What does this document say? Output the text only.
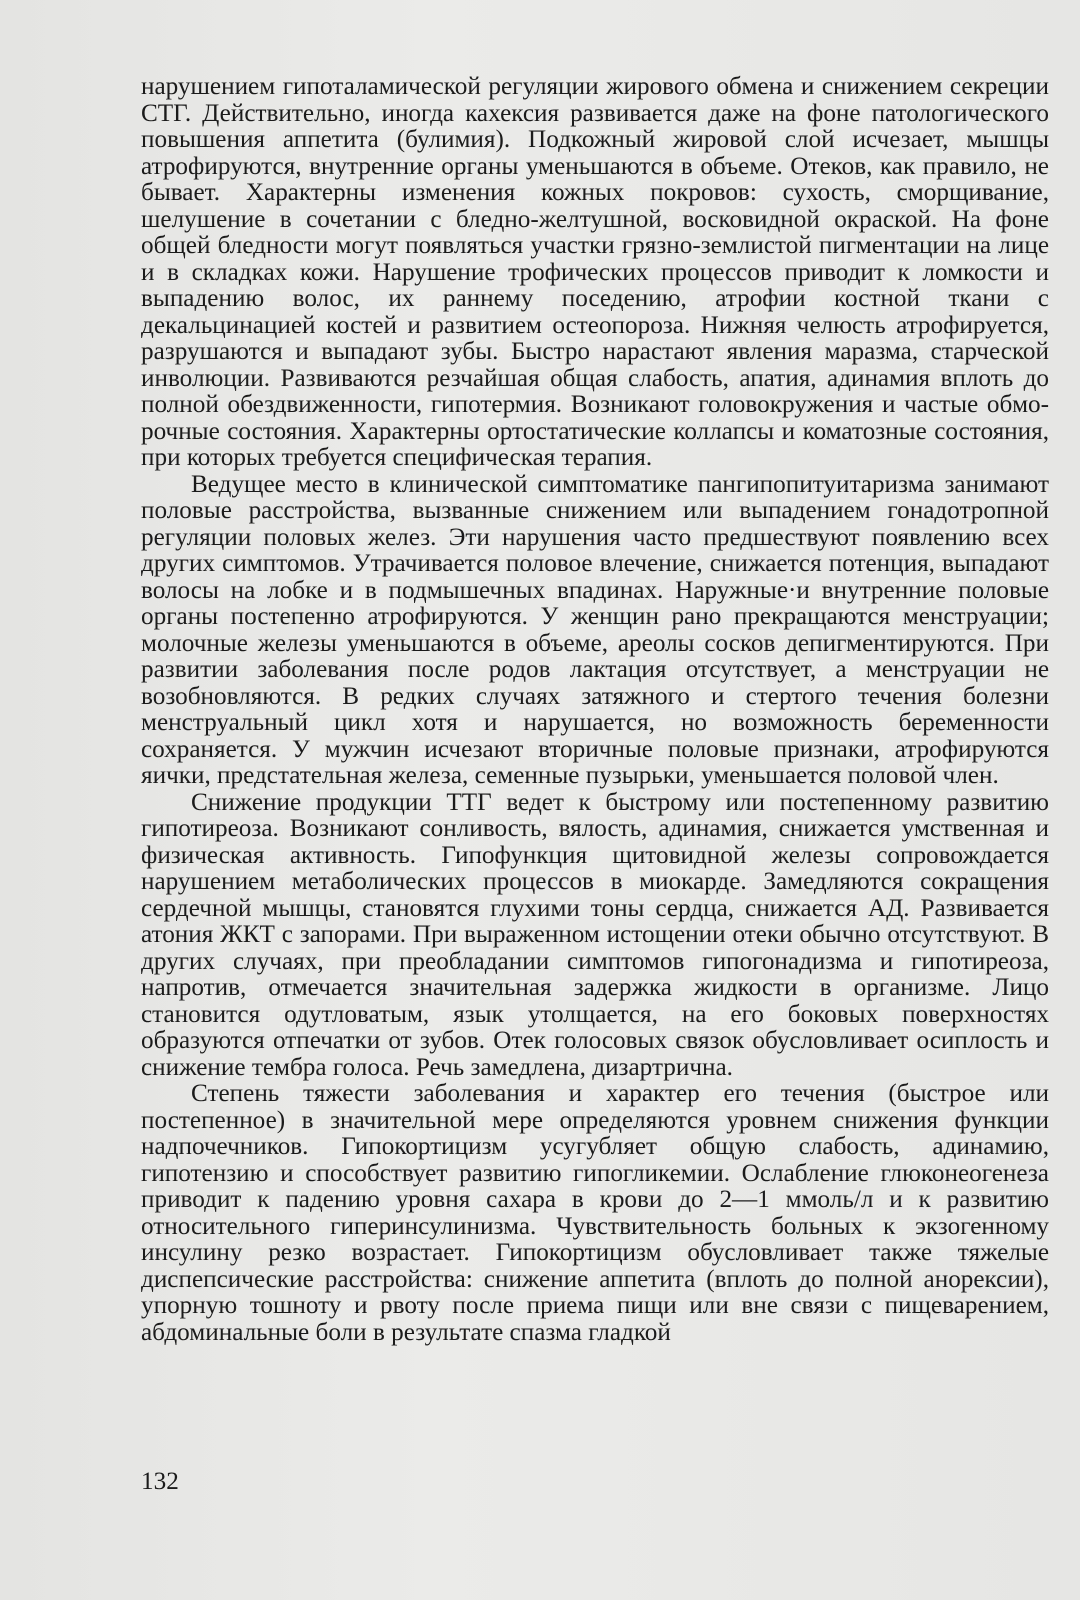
нарушением гипоталамической регуляции жирового обмена и снижением секреции СТГ. Действительно, иногда кахексия развивается даже на фоне патологического повышения аппетита (булимия). Подкожный жировой слой исчезает, мышцы атрофируются, внутренние органы уменьшаются в объеме. Отеков, как правило, не бывает. Характерны изменения кожных покровов: сухость, сморщивание, шелушение в сочетании с бледно-желтушной, восковидной окраской. На фоне общей бледности могут появляться участки грязно-землистой пигментации на лице и в складках кожи. Нарушение трофических процессов приводит к ломкости и выпадению волос, их раннему поседению, атрофии костной ткани с декальцинацией костей и развитием остеопороза. Нижняя челюсть атрофируется, разрушаются и выпадают зубы. Быстро нарастают явления маразма, старческой инволюции. Развиваются резчайшая общая слабость, апатия, адинамия вплоть до полной обездвиженности, гипотермия. Возникают головокружения и частые обморочные состояния. Характерны ортостатические коллапсы и коматозные состояния, при которых требуется специфическая терапия.

Ведущее место в клинической симптоматике пангипопитуитаризма занимают половые расстройства, вызванные снижением или выпадением гонадотропной регуляции половых желез. Эти нарушения часто предшествуют появлению всех других симптомов. Утрачивается половое влечение, снижается потенция, выпадают волосы на лобке и в подмышечных впадинах. Наружные·и внутренние половые органы постепенно атрофируются. У женщин рано прекращаются менструации; молочные железы уменьшаются в объеме, ареолы сосков депигментируются. При развитии заболевания после родов лактация отсутствует, а менструации не возобновляются. В редких случаях затяжного и стертого течения болезни менструальный цикл хотя и нарушается, но возможность беременности сохраняется. У мужчин исчезают вторичные половые признаки, атрофируются яички, предстательная железа, семенные пузырьки, уменьшается половой член.

Снижение продукции ТТГ ведет к быстрому или постепенному развитию гипотиреоза. Возникают сонливость, вялость, адинамия, снижается умственная и физическая активность. Гипофункция щитовидной железы сопровождается нарушением метаболических процессов в миокарде. Замедляются сокращения сердечной мышцы, становятся глухими тоны сердца, снижается АД. Развивается атония ЖКТ с запорами. При выраженном истощении отеки обычно отсутствуют. В других случаях, при преобладании симптомов гипогонадизма и гипотиреоза, напротив, отмечается значительная задержка жидкости в организме. Лицо становится одутловатым, язык утолщается, на его боковых поверхностях образуются отпечатки от зубов. Отек голосовых связок обусловливает осиплость и снижение тембра голоса. Речь замедлена, дизартрична.

Степень тяжести заболевания и характер его течения (быстрое или постепенное) в значительной мере определяются уровнем снижения функции надпочечников. Гипокортицизм усугубляет общую слабость, адинамию, гипотензию и способствует развитию гипогликемии. Ослабление глюконеогенеза приводит к падению уровня сахара в крови до 2—1 ммоль/л и к развитию относительного гиперинсулинизма. Чувствительность больных к экзогенному инсулину резко возрастает. Гипокортицизм обусловливает также тяжелые диспепсические расстройства: снижение аппетита (вплоть до полной анорексии), упорную тошноту и рвоту после приема пищи или вне связи с пищеварением, абдоминальные боли в результате спазма гладкой

132
